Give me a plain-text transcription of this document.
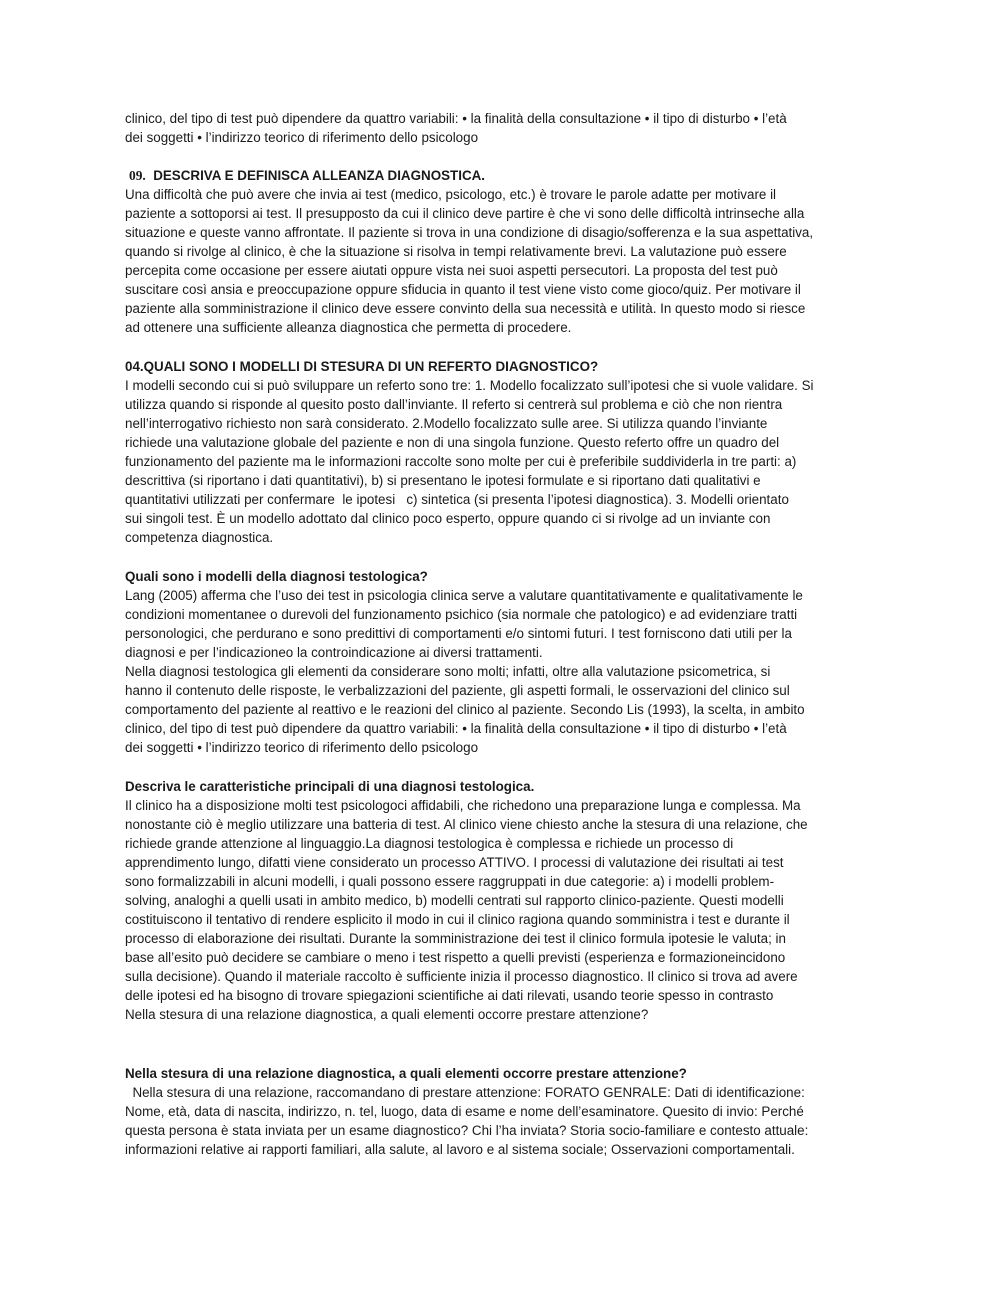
clinico, del tipo di test può dipendere da quattro variabili: • la finalità della consultazione • il tipo di disturbo • l’età
dei soggetti • l’indirizzo teorico di riferimento dello psicologo
09. DESCRIVA E DEFINISCA ALLEANZA DIAGNOSTICA.
Una difficoltà che può avere che invia ai test (medico, psicologo, etc.) è trovare le parole adatte per motivare il
paziente a sottoporsi ai test. Il presupposto da cui il clinico deve partire è che vi sono delle difficoltà intrinseche alla
situazione e queste vanno affrontate. Il paziente si trova in una condizione di disagio/sofferenza e la sua aspettativa,
quando si rivolge al clinico, è che la situazione si risolva in tempi relativamente brevi. La valutazione può essere
percepita come occasione per essere aiutati oppure vista nei suoi aspetti persecutori. La proposta del test può
suscitare così ansia e preoccupazione oppure sfiducia in quanto il test viene visto come gioco/quiz. Per motivare il
paziente alla somministrazione il clinico deve essere convinto della sua necessità e utilità. In questo modo si riesce
ad ottenere una sufficiente alleanza diagnostica che permetta di procedere.
04.QUALI SONO I MODELLI DI STESURA DI UN REFERTO DIAGNOSTICO?
I modelli secondo cui si può sviluppare un referto sono tre: 1. Modello focalizzato sull’ipotesi che si vuole validare. Si
utilizza quando si risponde al quesito posto dall’inviante. Il referto si centrerà sul problema e ciò che non rientra
nell’interrogativo richiesto non sarà considerato. 2.Modello focalizzato sulle aree. Si utilizza quando l’inviante
richiede una valutazione globale del paziente e non di una singola funzione. Questo referto offre un quadro del
funzionamento del paziente ma le informazioni raccolte sono molte per cui è preferibile suddividerla in tre parti: a)
descrittiva (si riportano i dati quantitativi), b) si presentano le ipotesi formulate e si riportano dati qualitativi e
quantitativi utilizzati per confermare  le ipotesi   c) sintetica (si presenta l’ipotesi diagnostica). 3. Modelli orientato
sui singoli test. È un modello adottato dal clinico poco esperto, oppure quando ci si rivolge ad un inviante con
competenza diagnostica.
Quali sono i modelli della diagnosi testologica?
Lang (2005) afferma che l’uso dei test in psicologia clinica serve a valutare quantitativamente e qualitativamente le
condizioni momentanee o durevoli del funzionamento psichico (sia normale che patologico) e ad evidenziare tratti
personologici, che perdurano e sono predittivi di comportamenti e/o sintomi futuri. I test forniscono dati utili per la
diagnosi e per l’indicazioneo la controindicazione ai diversi trattamenti.
Nella diagnosi testologica gli elementi da considerare sono molti; infatti, oltre alla valutazione psicometrica, si
hanno il contenuto delle risposte, le verbalizzazioni del paziente, gli aspetti formali, le osservazioni del clinico sul
comportamento del paziente al reattivo e le reazioni del clinico al paziente. Secondo Lis (1993), la scelta, in ambito
clinico, del tipo di test può dipendere da quattro variabili: • la finalità della consultazione • il tipo di disturbo • l’età
dei soggetti • l’indirizzo teorico di riferimento dello psicologo
Descriva le caratteristiche principali di una diagnosi testologica.
Il clinico ha a disposizione molti test psicologoci affidabili, che richedono una preparazione lunga e complessa. Ma
nonostante ciò è meglio utilizzare una batteria di test. Al clinico viene chiesto anche la stesura di una relazione, che
richiede grande attenzione al linguaggio.La diagnosi testologica è complessa e richiede un processo di
apprendimento lungo, difatti viene considerato un processo ATTIVO. I processi di valutazione dei risultati ai test
sono formalizzabili in alcuni modelli, i quali possono essere raggruppati in due categorie: a) i modelli problem-
solving, analoghi a quelli usati in ambito medico, b) modelli centrati sul rapporto clinico-paziente. Questi modelli
costituiscono il tentativo di rendere esplicito il modo in cui il clinico ragiona quando somministra i test e durante il
processo di elaborazione dei risultati. Durante la somministrazione dei test il clinico formula ipotesie le valuta; in
base all’esito può decidere se cambiare o meno i test rispetto a quelli previsti (esperienza e formazioneincidono
sulla decisione). Quando il materiale raccolto è sufficiente inizia il processo diagnostico. Il clinico si trova ad avere
delle ipotesi ed ha bisogno di trovare spiegazioni scientifiche ai dati rilevati, usando teorie spesso in contrasto
Nella stesura di una relazione diagnostica, a quali elementi occorre prestare attenzione?
Nella stesura di una relazione diagnostica, a quali elementi occorre prestare attenzione?
Nella stesura di una relazione, raccomandano di prestare attenzione: FORATO GENRALE: Dati di identificazione:
Nome, età, data di nascita, indirizzo, n. tel, luogo, data di esame e nome dell’esaminatore. Quesito di invio: Perché
questa persona è stata inviata per un esame diagnostico? Chi l’ha inviata? Storia socio-familiare e contesto attuale:
informazioni relative ai rapporti familiari, alla salute, al lavoro e al sistema sociale; Osservazioni comportamentali.
